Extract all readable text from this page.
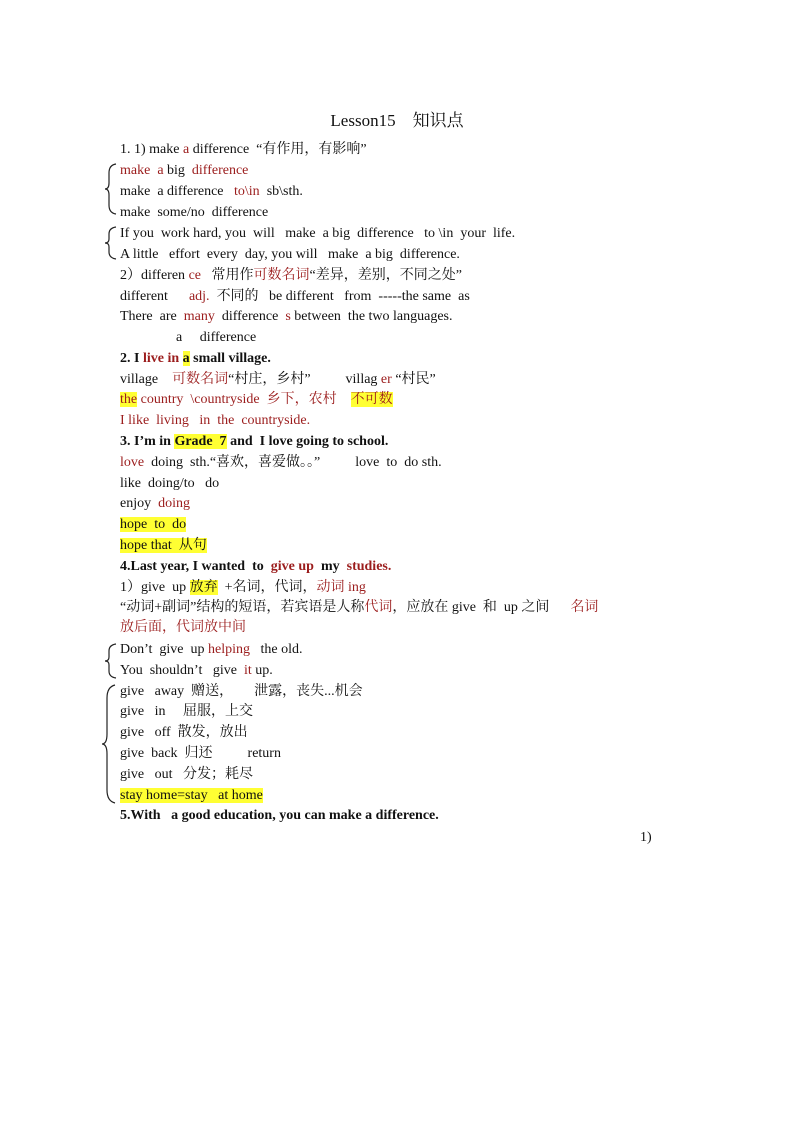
Lesson15　知识点
1. 1) make a difference  “有作用，有影响”
make  a big  difference
make  a difference   to\in  sb\sth.
make  some/no  difference
If you  work hard, you  will   make  a big  difference   to \in  your  life.
A little   effort  every  day, you will   make  a big  difference.
2）differen ce   常用作可数名词“差异，差别，不同之处”
different      adj.  不同的   be different   from  -----the same  as
There  are  many  difference  s between  the two languages.
a     difference
2. I live in a small village.
village    可数名词“村庄，乡村”          villag er “村民”
the country  \countryside  乡下，农村 不可数
I like  living   in  the  countryside.
3. I’m in Grade  7 and  I love going to school.
love  doing  sth.“喜欢，喜爱做。。”          love  to  do sth.
like  doing/to   do
enjoy  doing
hope  to  do
hope that  从句
4.Last year, I wanted  to  give up  my  studies.
1）give  up 放弃  +名词，代词，动词 ing
“动词+副词”结构的短语，若宾语是人称代词，应放在 give  和  up 之间      名词
放后面，代词放中间
Don’t  give  up helping   the old.
You  shouldn’t   give  it up.
give   away  赠送，      泄露，丧失...机会
give   in     屈服，上交
give   off  散发，放出
give  back  归还          return
give   out   分发；耗尽
stay home=stay   at home
5.With   a good education, you can make a difference.
1)
